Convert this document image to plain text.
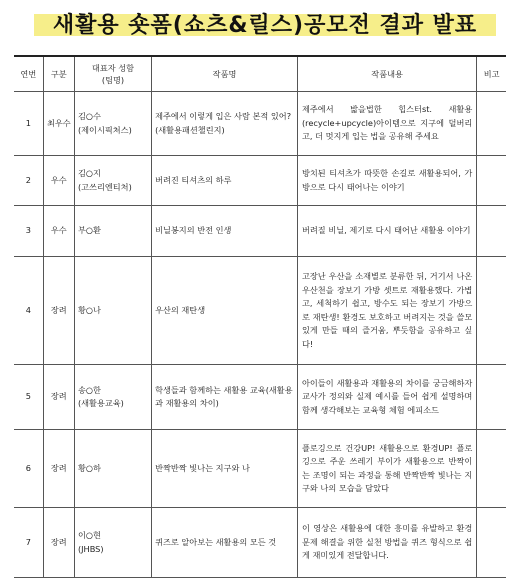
새활용 숏폼(쇼츠&릴스)공모전 결과 발표
연번	구분	대표자 성함
(팀명)	작품명	작품내용	비고
1	최우수	김○수
(제이시픽쳐스)	제주에서 이렇게 입은 사람 본적 있어?(새활용패션챌린지)	제주에서 밟을법한 힙스터st. 새활용(recycle+upcycle)아이템으로 지구에 덜버리고, 더 멋지게 입는 법을 공유해 주세요	
2	우수	김○지
(고쓰리엔티처)	버려진 티셔츠의 하루	방치된 티셔츠가 따뜻한 손길로 새활용되어, 가방으로 다시 태어나는 이야기	
3	우수	부○환	비닐봉지의 반전 인생	버려질 비닐, 제기로 다시 태어난 새활용 이야기	
4	장려	황○나	우산의 재탄생	고장난 우산을 소재별로 분류한 뒤, 거기서 나온 우산천을 장보기 가방 셋트로 재활용했다. 가볍고, 세척하기 쉽고, 방수도 되는 장보기 가방으로 재탄생! 환경도 보호하고 버려지는 것을 쓸모 있게 만들 때의 즐거움, 뿌듯함을 공유하고 싶다!	
5	장려	송○한
(새활용교육)	학생들과 함께하는 새활용 교육(새활용과 재활용의 차이)	아이들이 새활용과 재활용의 차이를 궁금해하자 교사가 정의와 실제 예시를 들어 쉽게 설명하며 함께 생각해보는 교육형 체험 에피소드	
6	장려	황○하	반짝반짝 빛나는 지구와 나	플로깅으로 건강UP! 새활용으로 환경UP! 플로깅으로 주운 쓰레기 부이가 새활용으로 반짝이는 조명이 되는 과정을 통해 반짝반짝 빛나는 지구와 나의 모습을 담았다	
7	장려	이○현
(JHBS)	퀴즈로 알아보는 새활용의 모든 것	이 영상은 새활용에 대한 흥미를 유발하고 환경 문제 해결을 위한 실천 방법을 퀴즈 형식으로 쉽게 재미있게 전달합니다.	
